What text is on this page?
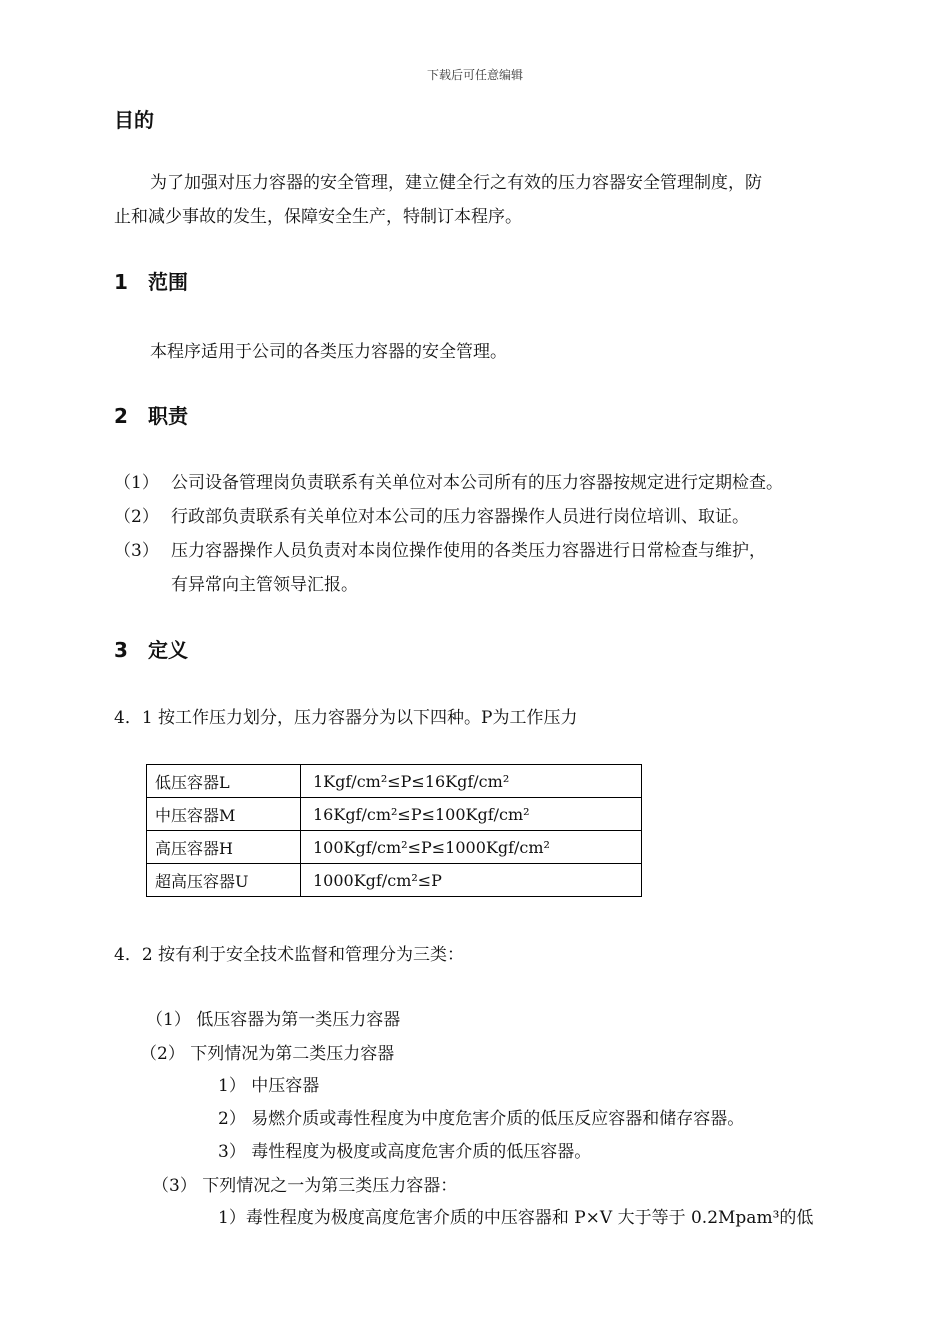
下载后可任意编辑
目的
为了加强对压力容器的安全管理，建立健全行之有效的压力容器安全管理制度，防
止和减少事故的发生，保障安全生产，特制订本程序。
1 范围
本程序适用于公司的各类压力容器的安全管理。
2 职责
（1） 公司设备管理岗负责联系有关单位对本公司所有的压力容器按规定进行定期检查。
（2） 行政部负责联系有关单位对本公司的压力容器操作人员进行岗位培训、取证。
（3） 压力容器操作人员负责对本岗位操作使用的各类压力容器进行日常检查与维护，
有异常向主管领导汇报。
3 定义
4．1 按工作压力划分，压力容器分为以下四种。P为工作压力
低压容器L	1Kgf/cm²≤P≤16Kgf/cm²
中压容器M	16Kgf/cm²≤P≤100Kgf/cm²
高压容器H	100Kgf/cm²≤P≤1000Kgf/cm²
超高压容器U	1000Kgf/cm²≤P
4．2 按有利于安全技术监督和管理分为三类：
（1） 低压容器为第一类压力容器
（2） 下列情况为第二类压力容器
1） 中压容器
2） 易燃介质或毒性程度为中度危害介质的低压反应容器和储存容器。
3） 毒性程度为极度或高度危害介质的低压容器。
（3） 下列情况之一为第三类压力容器：
1）毒性程度为极度高度危害介质的中压容器和 P×V 大于等于 0.2Mpam³的低
